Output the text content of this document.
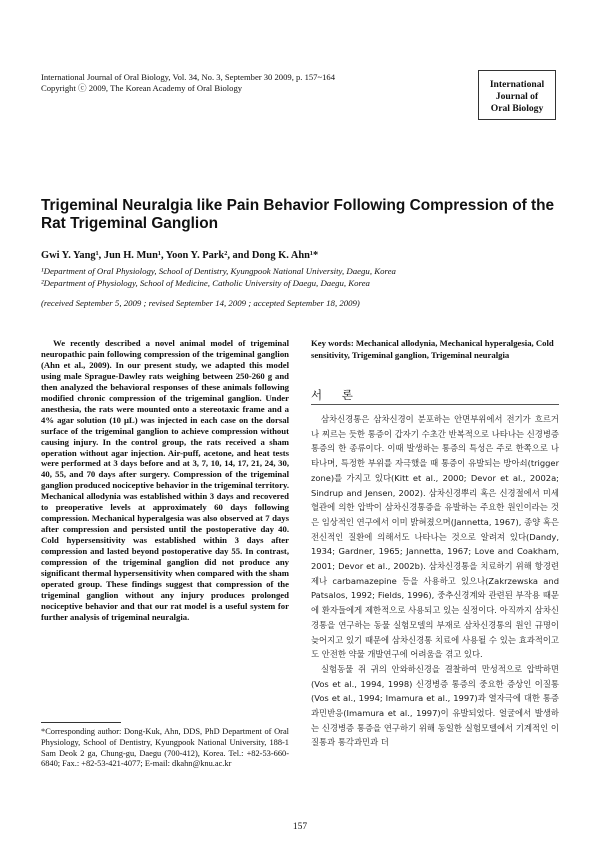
International Journal of Oral Biology, Vol. 34, No. 3, September 30 2009, p. 157~164
Copyright ⓒ 2009, The Korean Academy of Oral Biology	International
Journal of
Oral Biology
Trigeminal Neuralgia like Pain Behavior Following Compression of the Rat Trigeminal Ganglion
Gwi Y. Yang¹, Jun H. Mun¹, Yoon Y. Park², and Dong K. Ahn¹*
¹Department of Oral Physiology, School of Dentistry, Kyungpook National University, Daegu, Korea
²Department of Physiology, School of Medicine, Catholic University of Daegu, Daegu, Korea
(received September 5, 2009 ; revised September 14, 2009 ; accepted September 18, 2009)

We recently described a novel animal model of trigeminal neuropathic pain following compression of the trigeminal ganglion (Ahn et al., 2009). In our present study, we adapted this model using male Sprague-Dawley rats weighing between 250-260 g and then analyzed the behavioral responses of these animals following modified chronic compression of the trigeminal ganglion. Under anesthesia, the rats were mounted onto a stereotaxic frame and a 4% agar solution (10 μL) was injected in each case on the dorsal surface of the trigeminal ganglion to achieve compression without causing injury. In the control group, the rats received a sham operation without agar injection. Air-puff, acetone, and heat tests were performed at 3 days before and at 3, 7, 10, 14, 17, 21, 24, 30, 40, 55, and 70 days after surgery. Compression of the trigeminal ganglion produced nociceptive behavior in the trigeminal territory. Mechanical allodynia was established within 3 days and recovered to preoperative levels at approximately 60 days following compression. Mechanical hyperalgesia was also observed at 7 days after compression and persisted until the postoperative day 40. Cold hypersensitivity was established within 3 days after compression and lasted beyond postoperative day 55. In contrast, compression of the trigeminal ganglion did not produce any significant thermal hypersensitivity when compared with the sham operated group. These findings suggest that compression of the trigeminal ganglion without any injury produces prolonged nociceptive behavior and that our rat model is a useful system for further analysis of trigeminal neuralgia.

*Corresponding author: Dong-Kuk, Ahn, DDS, PhD Department of Oral Physiology, School of Dentistry, Kyungpook National University, 188-1 Sam Deok 2 ga, Chung-gu, Daegu (700-412), Korea. Tel.: +82-53-660-6840; Fax.: +82-53-421-4077; E-mail: dkahn@knu.ac.kr
Key words: Mechanical allodynia, Mechanical hyperalgesia, Cold sensitivity, Trigeminal ganglion, Trigeminal neuralgia
서 론

삼차신경통은 삼차신경이 분포하는 안면부위에서 전기가 흐르거나 찌르는 듯한 통증이 갑자기 수초간 반복적으로 나타나는 신경병증 통증의 한 종류이다. 이때 발생하는 통증의 특성은 주로 한쪽으로 나타나며, 특정한 부위를 자극했을 때 통증이 유발되는 방아쇠(trigger zone)를 가지고 있다(Kitt et al., 2000; Devor et al., 2002a; Sindrup and Jensen, 2002). 삼차신경뿌리 혹은 신경절에서 미세혈관에 의한 압박이 삼차신경통증을 유발하는 주요한 원인이라는 것은 임상적인 연구에서 이미 밝혀졌으며(Jannetta, 1967), 종양 혹은 전신적인 질환에 의해서도 나타나는 것으로 알려져 있다(Dandy, 1934; Gardner, 1965; Jannetta, 1967; Love and Coakham, 2001; Devor et al., 2002b). 삼차신경통을 치료하기 위해 항경련제나 carbamazepine 등을 사용하고 있으나(Zakrzewska and Patsalos, 1992; Fields, 1996), 중추신경계와 관련된 부작용 때문에 환자들에게 제한적으로 사용되고 있는 실정이다. 아직까지 삼차신경통을 연구하는 동물 실험모델의 부재로 삼차신경통의 원인 규명이 늦어지고 있기 때문에 삼차신경통 치료에 사용될 수 있는 효과적이고도 안전한 약물 개발연구에 어려움을 겪고 있다.

실험동물 쥐 귀의 안와하신경을 결찰하여 만성적으로 압박하면 (Vos et al., 1994, 1998) 신경병증 통증의 중요한 증상인 이질통(Vos et al., 1994; Imamura et al., 1997)과 열자극에 대한 통증 과민반응(Imamura et al., 1997)이 유발되었다. 얼굴에서 발생하는 신경병증 통증을 연구하기 위해 동일한 실험모델에서 기계적인 이질통과 통각과민과 더

157
